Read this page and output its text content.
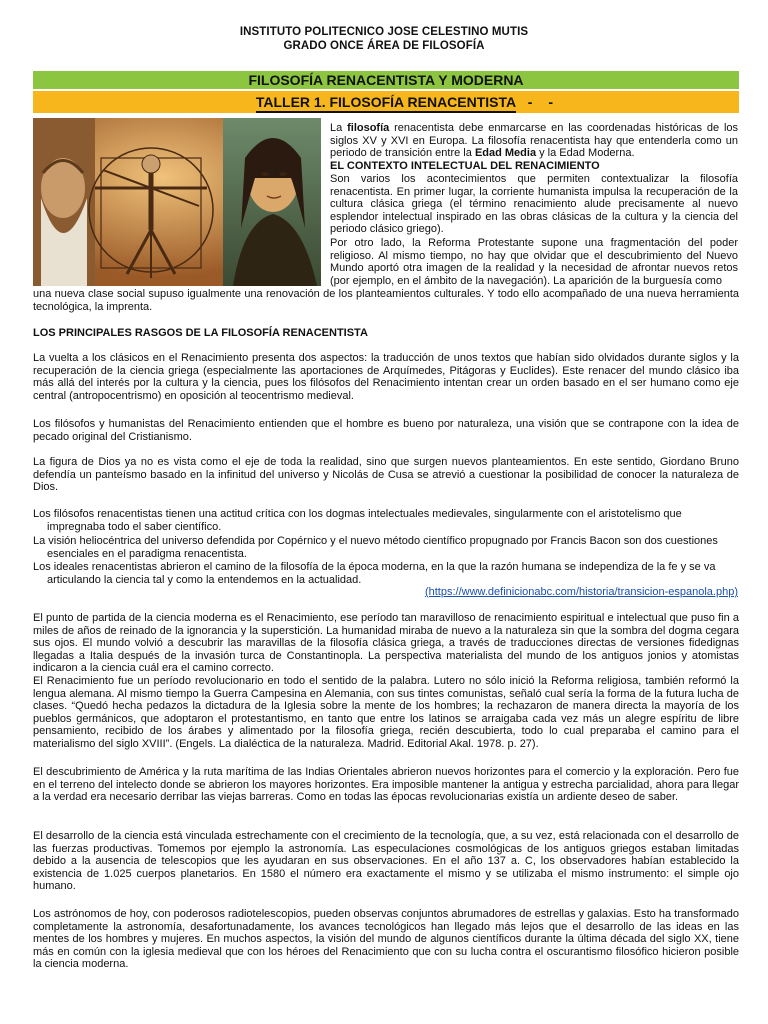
INSTITUTO POLITECNICO JOSE CELESTINO MUTIS
GRADO ONCE ÁREA DE FILOSOFÍA
FILOSOFÍA RENACENTISTA Y MODERNA
TALLER 1. FILOSOFÍA RENACENTISTA - -

La filosofía renacentista debe enmarcarse en las coordenadas históricas de los siglos XV y XVI en Europa. La filosofía renacentista hay que entenderla como un periodo de transición entre la Edad Media y la Edad Moderna.

EL CONTEXTO INTELECTUAL DEL RENACIMIENTO

Son varios los acontecimientos que permiten contextualizar la filosofía renacentista. En primer lugar, la corriente humanista impulsa la recuperación de la cultura clásica griega (el término renacimiento alude precisamente al nuevo esplendor intelectual inspirado en las obras clásicas de la cultura y la ciencia del periodo clásico griego).

Por otro lado, la Reforma Protestante supone una fragmentación del poder religioso. Al mismo tiempo, no hay que olvidar que el descubrimiento del Nuevo Mundo aportó otra imagen de la realidad y la necesidad de afrontar nuevos retos (por ejemplo, en el ámbito de la navegación). La aparición de la burguesía como

una nueva clase social supuso igualmente una renovación de los planteamientos culturales. Y todo ello acompañado de una nueva herramienta tecnológica, la imprenta.

LOS PRINCIPALES RASGOS DE LA FILOSOFÍA RENACENTISTA

La vuelta a los clásicos en el Renacimiento presenta dos aspectos: la traducción de unos textos que habían sido olvidados durante siglos y la recuperación de la ciencia griega (especialmente las aportaciones de Arquímedes, Pitágoras y Euclides). Este renacer del mundo clásico iba más allá del interés por la cultura y la ciencia, pues los filósofos del Renacimiento intentan crear un orden basado en el ser humano como eje central (antropocentrismo) en oposición al teocentrismo medieval.

Los filósofos y humanistas del Renacimiento entienden que el hombre es bueno por naturaleza, una visión que se contrapone con la idea de pecado original del Cristianismo.

La figura de Dios ya no es vista como el eje de toda la realidad, sino que surgen nuevos planteamientos. En este sentido, Giordano Bruno defendía un panteísmo basado en la infinitud del universo y Nicolás de Cusa se atrevió a cuestionar la posibilidad de conocer la naturaleza de Dios.

Los filósofos renacentistas tienen una actitud crítica con los dogmas intelectuales medievales, singularmente con el aristotelismo que
impregnaba todo el saber científico.
La visión heliocéntrica del universo defendida por Copérnico y el nuevo método científico propugnado por Francis Bacon son dos cuestiones
esenciales en el paradigma renacentista.
Los ideales renacentistas abrieron el camino de la filosofía de la época moderna, en la que la razón humana se independiza de la fe y se va
articulando la ciencia tal y como la entendemos en la actualidad.
(https://www.definicionabc.com/historia/transicion-espanola.php)

El punto de partida de la ciencia moderna es el Renacimiento, ese período tan maravilloso de renacimiento espiritual e intelectual que puso fin a miles de años de reinado de la ignorancia y la superstición. La humanidad miraba de nuevo a la naturaleza sin que la sombra del dogma cegara sus ojos. El mundo volvió a descubrir las maravillas de la filosofía clásica griega, a través de traducciones directas de versiones fidedignas llegadas a Italia después de la invasión turca de Constantinopla. La perspectiva materialista del mundo de los antiguos jonios y atomistas indicaron a la ciencia cuál era el camino correcto.

El Renacimiento fue un período revolucionario en todo el sentido de la palabra. Lutero no sólo inició la Reforma religiosa, también reformó la lengua alemana. Al mismo tiempo la Guerra Campesina en Alemania, con sus tintes comunistas, señaló cual sería la forma de la futura lucha de clases. “Quedó hecha pedazos la dictadura de la Iglesia sobre la mente de los hombres; la rechazaron de manera directa la mayoría de los pueblos germánicos, que adoptaron el protestantismo, en tanto que entre los latinos se arraigaba cada vez más un alegre espíritu de libre pensamiento, recibido de los árabes y alimentado por la filosofía griega, recién descubierta, todo lo cual preparaba el camino para el materialismo del siglo XVIII”. (Engels. La dialéctica de la naturaleza. Madrid. Editorial Akal. 1978. p. 27).

El descubrimiento de América y la ruta marítima de las Indias Orientales abrieron nuevos horizontes para el comercio y la exploración. Pero fue en el terreno del intelecto donde se abrieron los mayores horizontes. Era imposible mantener la antigua y estrecha parcialidad, ahora para llegar a la verdad era necesario derribar las viejas barreras. Como en todas las épocas revolucionarias existía un ardiente deseo de saber.

El desarrollo de la ciencia está vinculada estrechamente con el crecimiento de la tecnología, que, a su vez, está relacionada con el desarrollo de las fuerzas productivas. Tomemos por ejemplo la astronomía. Las especulaciones cosmológicas de los antiguos griegos estaban limitadas debido a la ausencia de telescopios que les ayudaran en sus observaciones. En el año 137 a. C, los observadores habían establecido la existencia de 1.025 cuerpos planetarios. En 1580 el número era exactamente el mismo y se utilizaba el mismo instrumento: el simple ojo humano.

Los astrónomos de hoy, con poderosos radiotelescopios, pueden observas conjuntos abrumadores de estrellas y galaxias. Esto ha transformado completamente la astronomía, desafortunadamente, los avances tecnológicos han llegado más lejos que el desarrollo de las ideas en las mentes de los hombres y mujeres. En muchos aspectos, la visión del mundo de algunos científicos durante la última década del siglo XX, tiene más en común con la iglesia medieval que con los héroes del Renacimiento que con su lucha contra el oscurantismo filosófico hicieron posible la ciencia moderna.
